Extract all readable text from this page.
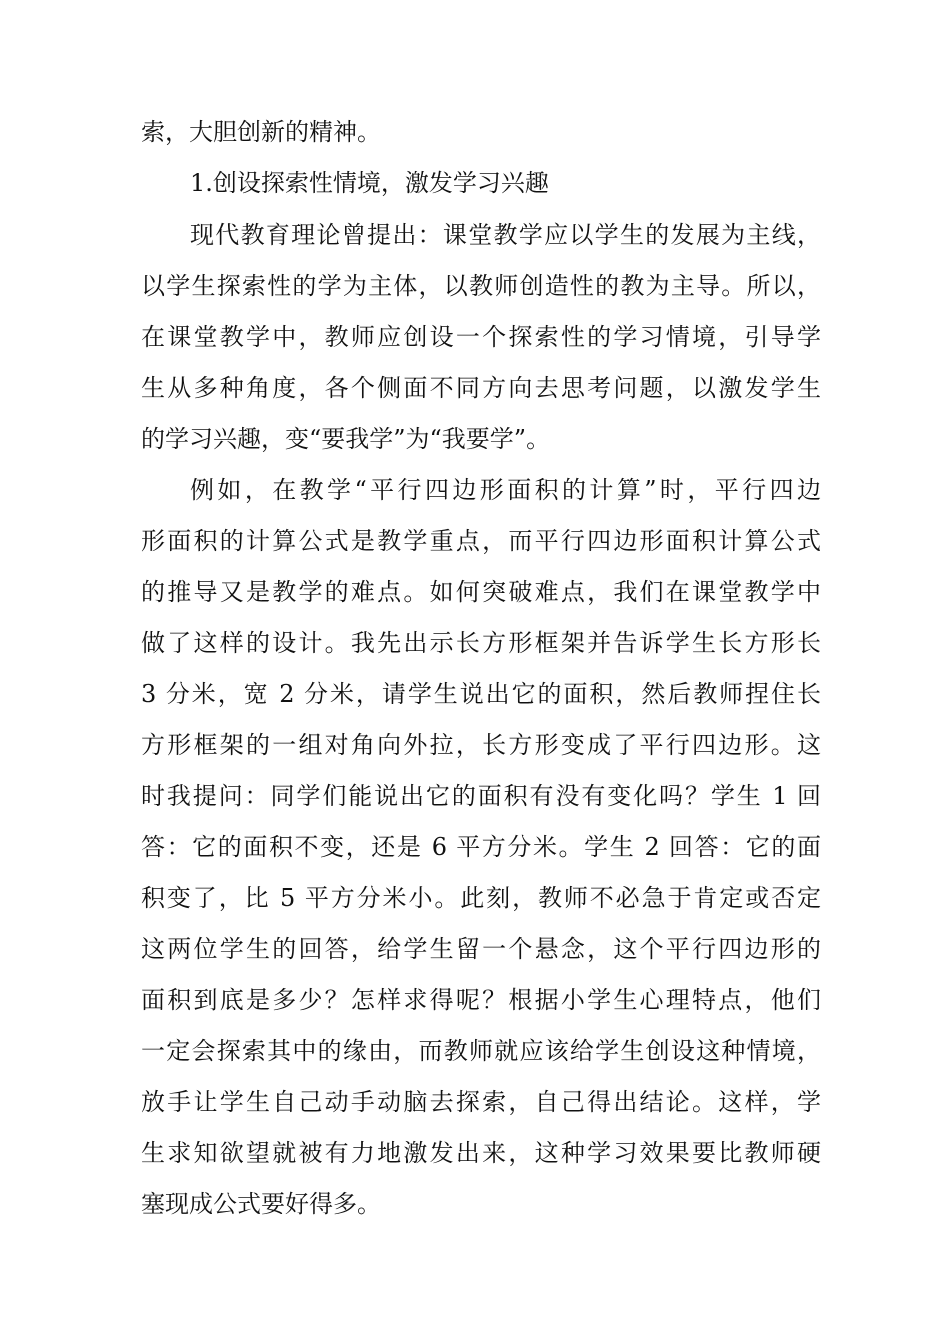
索，大胆创新的精神。
1.创设探索性情境，激发学习兴趣
现代教育理论曾提出：课堂教学应以学生的发展为主线，
以学生探索性的学为主体，以教师创造性的教为主导。所以，
在课堂教学中，教师应创设一个探索性的学习情境，引导学
生从多种角度，各个侧面不同方向去思考问题，以激发学生
的学习兴趣，变“要我学”为“我要学”。
例如，在教学“平行四边形面积的计算”时，平行四边
形面积的计算公式是教学重点，而平行四边形面积计算公式
的推导又是教学的难点。如何突破难点，我们在课堂教学中
做了这样的设计。我先出示长方形框架并告诉学生长方形长
3 分米，宽 2 分米，请学生说出它的面积，然后教师捏住长
方形框架的一组对角向外拉，长方形变成了平行四边形。这
时我提问：同学们能说出它的面积有没有变化吗？学生 1 回
答：它的面积不变，还是 6 平方分米。学生 2 回答：它的面
积变了，比 5 平方分米小。此刻，教师不必急于肯定或否定
这两位学生的回答，给学生留一个悬念，这个平行四边形的
面积到底是多少？怎样求得呢？根据小学生心理特点，他们
一定会探索其中的缘由，而教师就应该给学生创设这种情境，
放手让学生自己动手动脑去探索，自己得出结论。这样，学
生求知欲望就被有力地激发出来，这种学习效果要比教师硬
塞现成公式要好得多。
